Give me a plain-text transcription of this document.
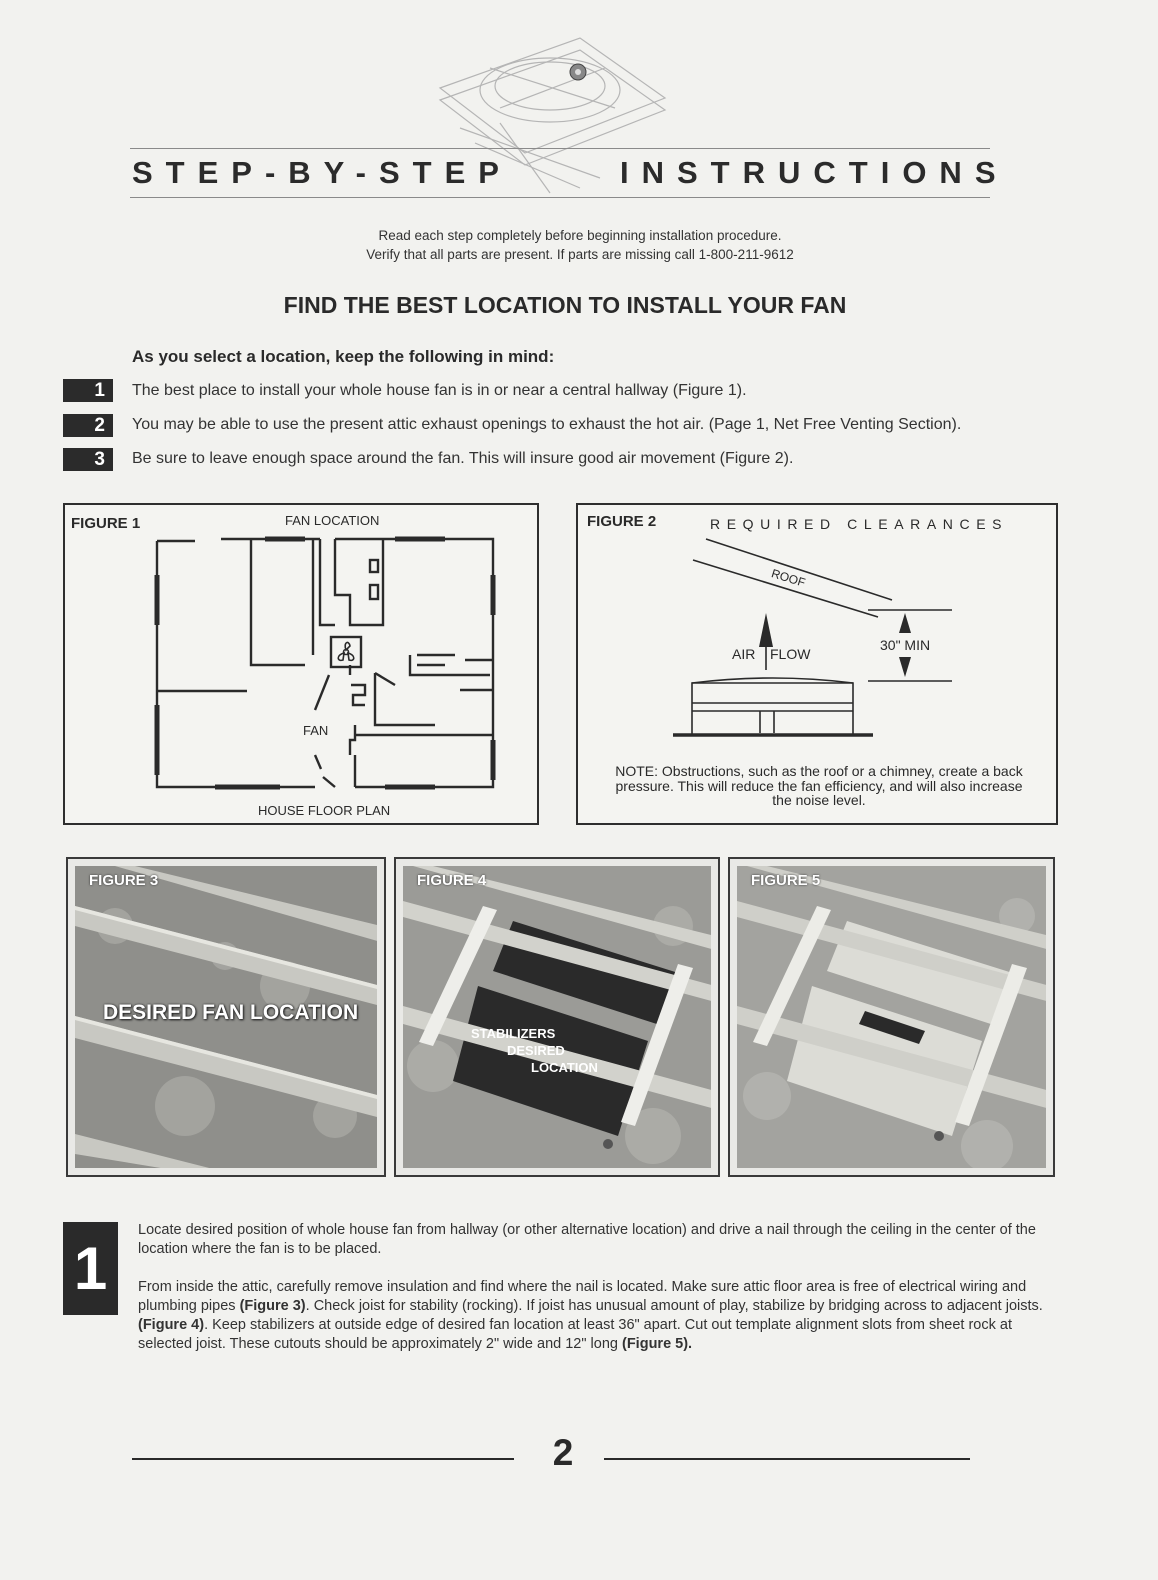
STEP-BY-STEP	INSTRUCTIONS
Read each step completely before beginning installation procedure.
Verify that all parts are present. If parts are missing call 1-800-211-9612
FIND THE BEST LOCATION TO INSTALL YOUR FAN
As you select a location, keep the following in mind:
1	The best place to install your whole house fan is in or near a central hallway (Figure 1).
2	You may be able to use the present attic exhaust openings to exhaust the hot air. (Page 1, Net Free Venting Section).
3	Be sure to leave enough space around the fan. This will insure good air movement (Figure 2).
FIGURE 1	FAN LOCATION
FAN
HOUSE FLOOR PLAN
FIGURE 2	REQUIRED CLEARANCES
ROOF
AIR FLOW
30" MIN
NOTE: Obstructions, such as the roof or a chimney, create a back pressure. This will reduce the fan efficiency, and will also increase the noise level.
FIGURE 3
DESIRED FAN LOCATION
FIGURE 4
STABILIZERS
DESIRED
LOCATION
FIGURE 5
1
Locate desired position of whole house fan from hallway (or other alternative location) and drive a nail through the ceiling in the center of the location where the fan is to be placed.
From inside the attic, carefully remove insulation and find where the nail is located. Make sure attic floor area is free of electrical wiring and plumbing pipes (Figure 3). Check joist for stability (rocking). If joist has unusual amount of play, stabilize by bridging across to adjacent joists. (Figure 4). Keep stabilizers at outside edge of desired fan location at least 36" apart. Cut out template alignment slots from sheet rock at selected joist. These cutouts should be approximately 2" wide and 12" long (Figure 5).
2
